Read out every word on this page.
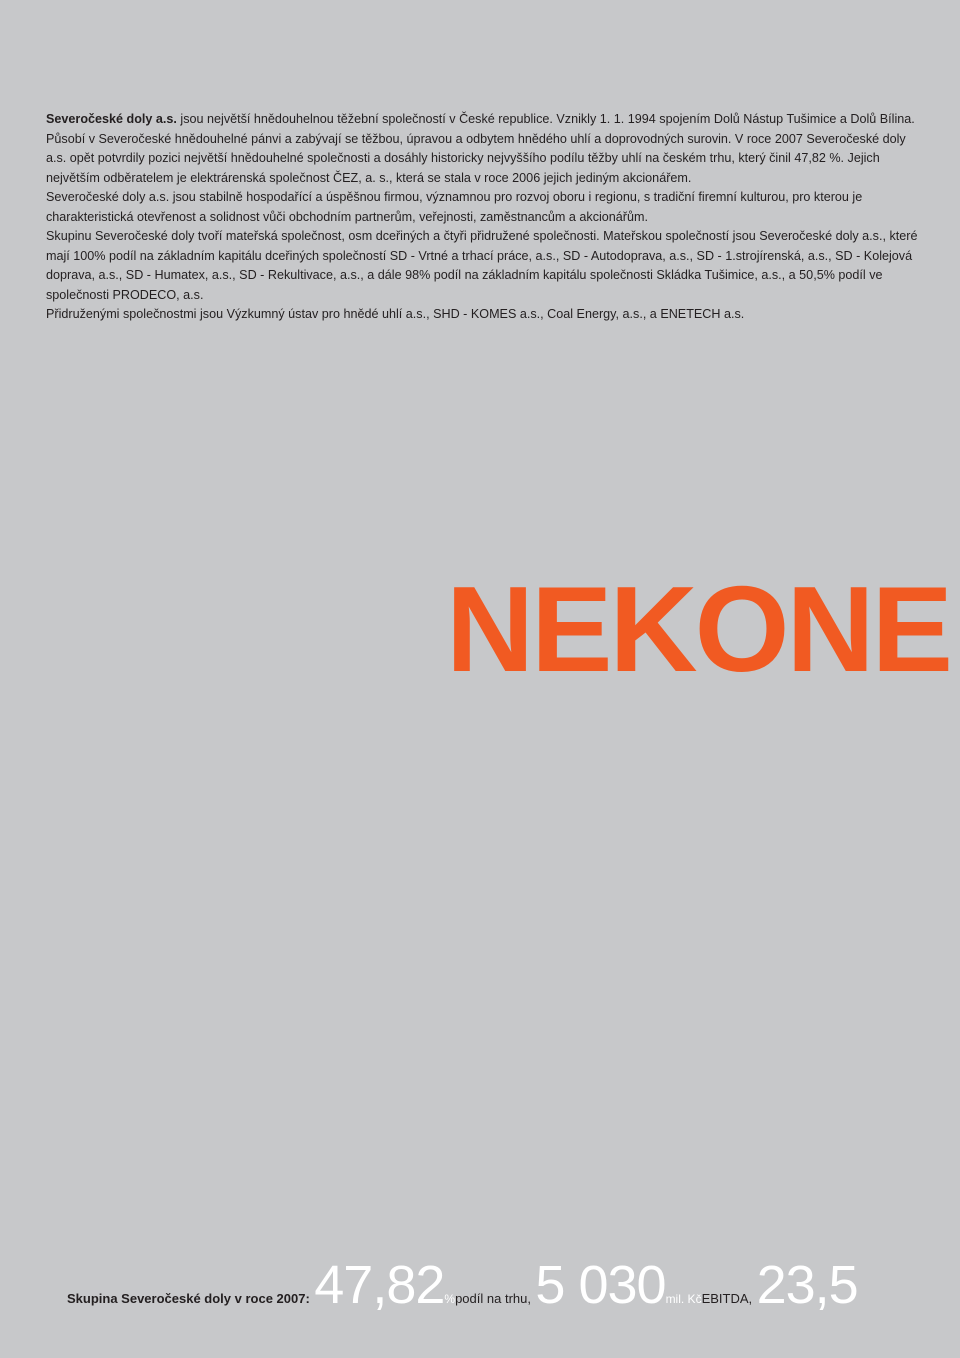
Severočeské doly a.s. jsou největší hnědouhelnou těžební společností v České republice. Vznikly 1. 1. 1994 spojením Dolů Nástup Tušimice a Dolů Bílina. Působí v Severočeské hnědouhelné pánvi a zabývají se těžbou, úpravou a odbytem hnědého uhlí a doprovodných surovin. V roce 2007 Severočeské doly a.s. opět potvrdily pozici největší hnědouhelné společnosti a dosáhly historicky nejvyššího podílu těžby uhlí na českém trhu, který činil 47,82 %. Jejich největším odběratelem je elektrárenská společnost ČEZ, a. s., která se stala v roce 2006 jejich jediným akcionářem.

Severočeské doly a.s. jsou stabilně hospodařící a úspěšnou firmou, významnou pro rozvoj oboru i regionu, s tradiční firemní kulturou, pro kterou je charakteristická otevřenost a solidnost vůči obchodním partnerům, veřejnosti, zaměstnancům a akcionářům.

Skupinu Severočeské doly tvoří mateřská společnost, osm dceřiných a čtyři přidružené společnosti. Mateřskou společností jsou Severočeské doly a.s., které mají 100% podíl na základním kapitálu dceřiných společností SD - Vrtné a trhací práce, a.s., SD - Autodoprava, a.s., SD - 1.strojírenská, a.s., SD - Kolejová doprava, a.s., SD - Humatex, a.s., SD - Rekultivace, a.s., a dále 98% podíl na základním kapitálu společnosti Skládka Tušimice, a.s., a 50,5% podíl ve společnosti PRODECO, a.s.

Přidruženými společnostmi jsou Výzkumný ústav pro hnědé uhlí a.s., SHD - KOMES a.s., Coal Energy, a.s., a ENETECH a.s.

NEKONE
Skupina Severočeské doly v roce 2007: 47,82%podíl na trhu, 5 030mil. KčEBITDA, 23,5
